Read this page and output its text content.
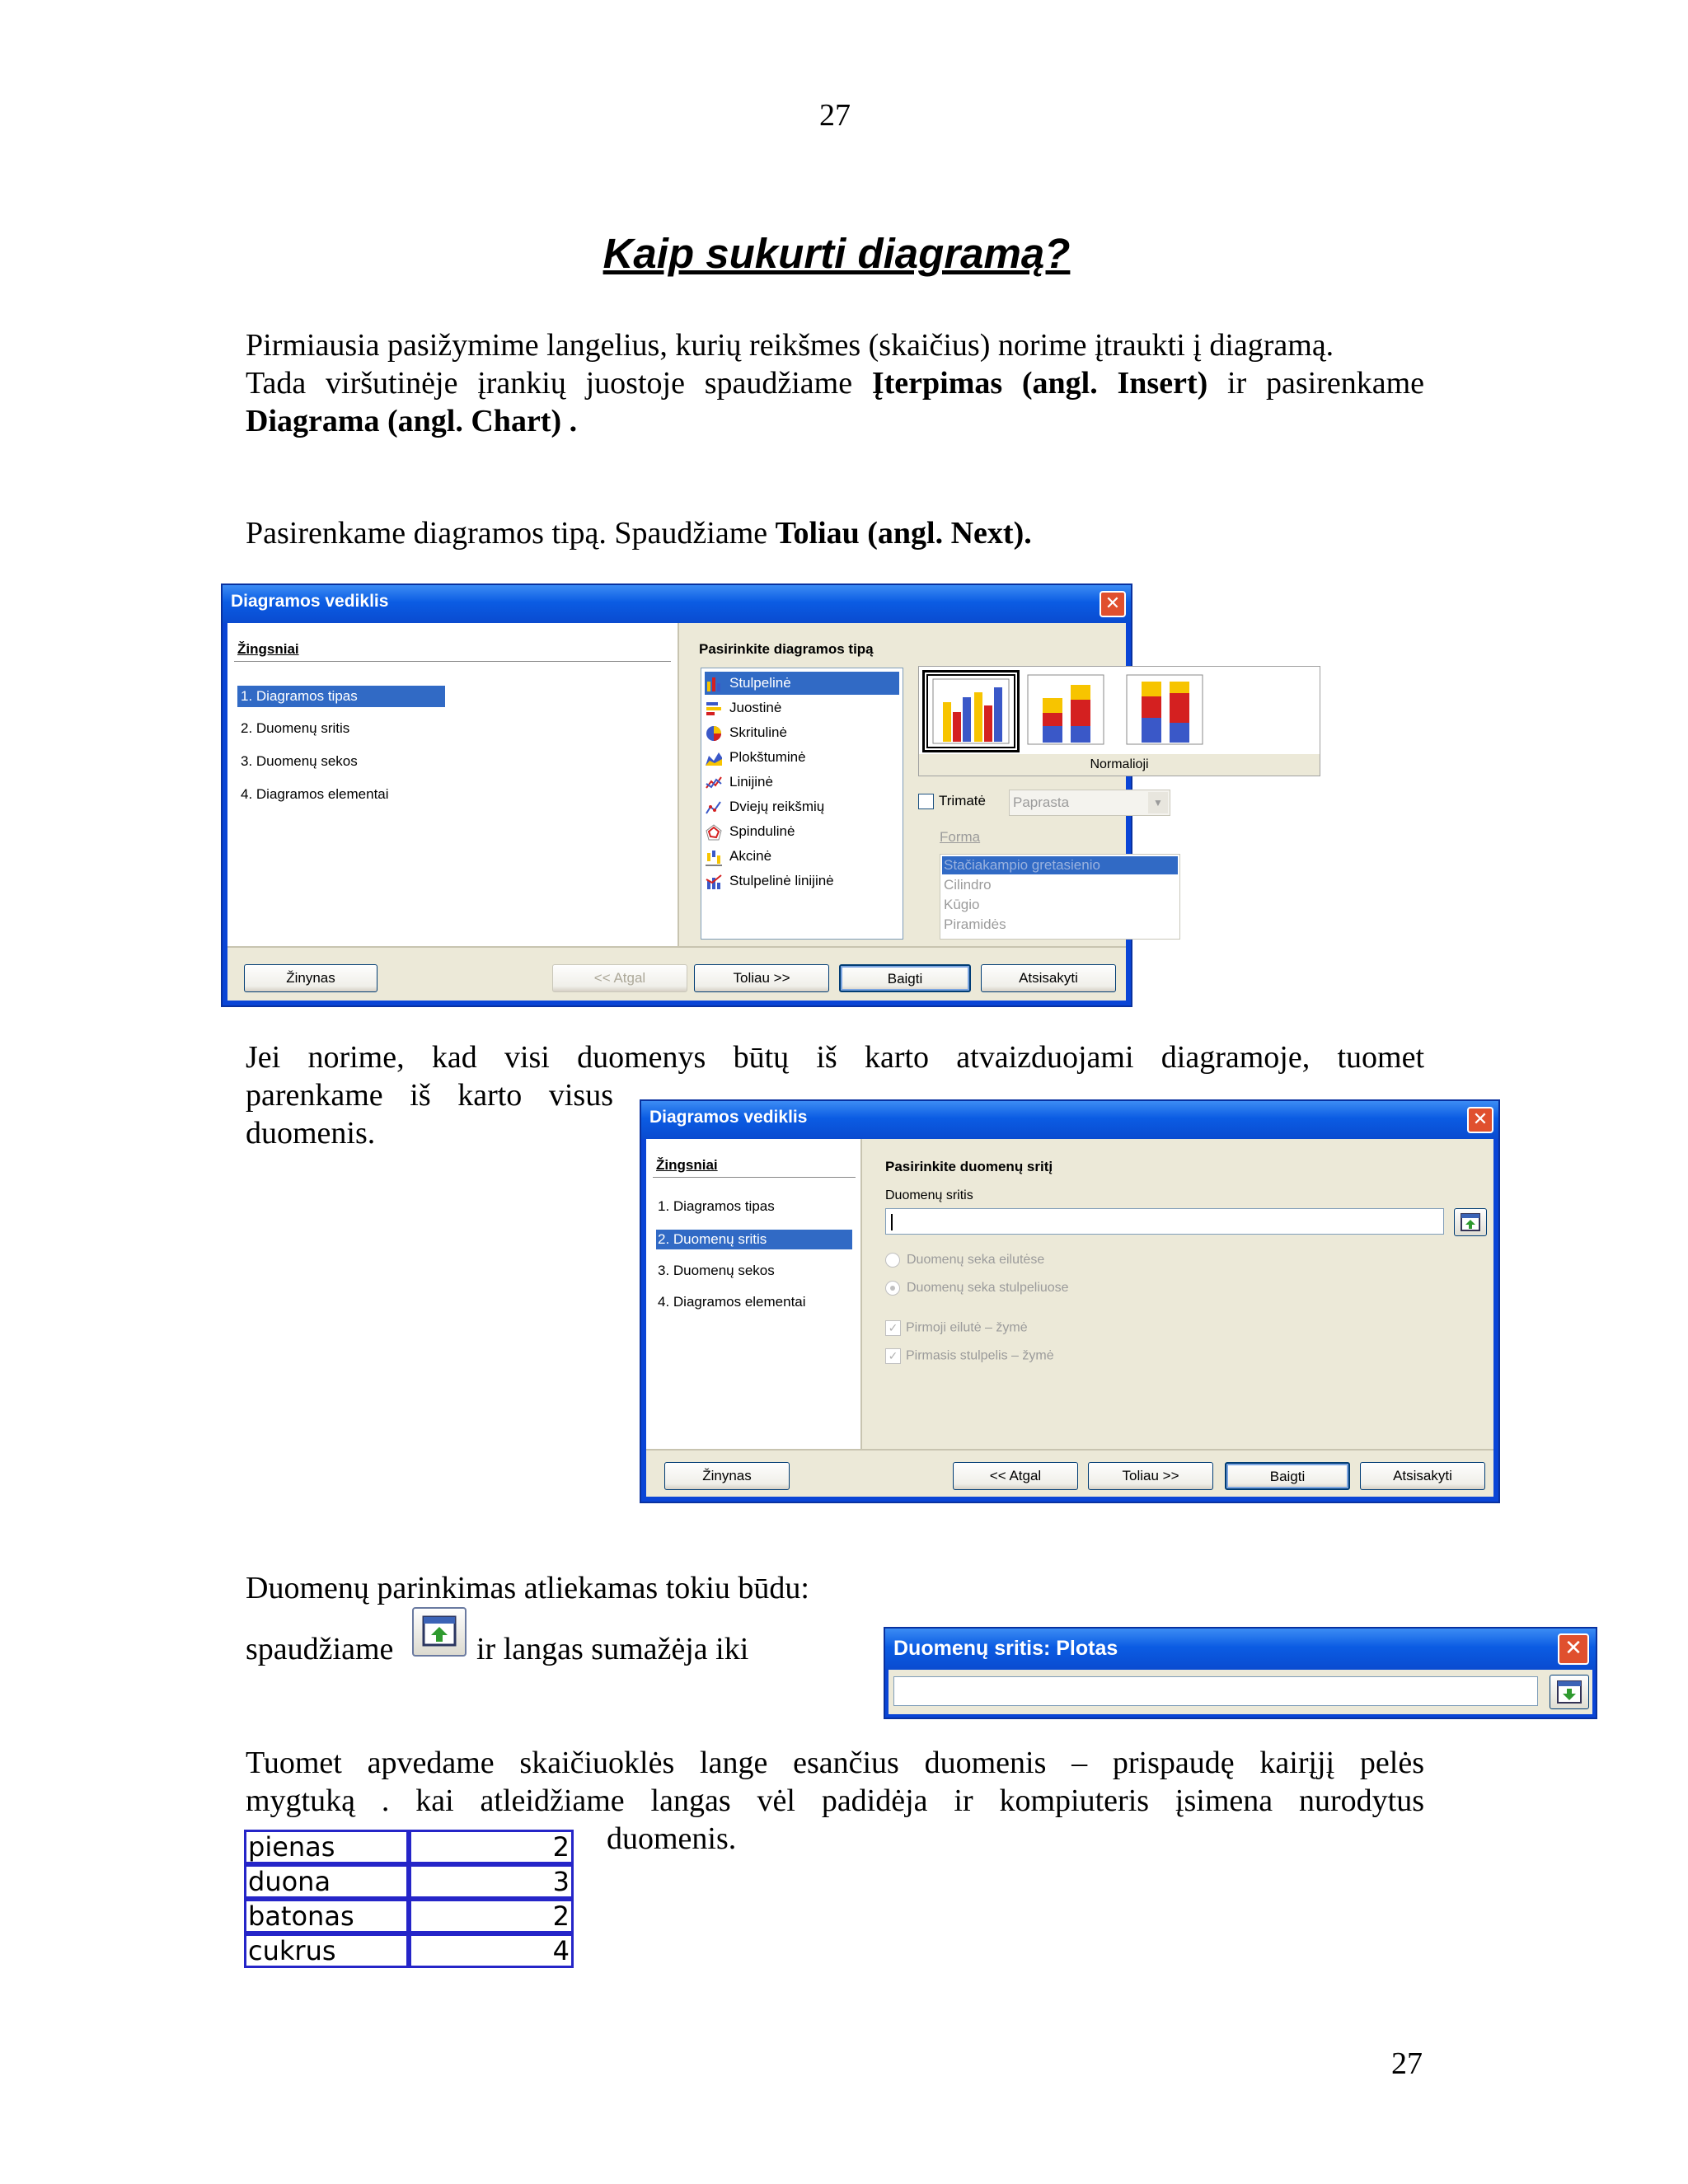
27
Kaip sukurti diagramą?
Pirmiausia pasižymime langelius, kurių reikšmes (skaičius) norime įtraukti į diagramą.
Tada viršutinėje įrankių juostoje spaudžiame Įterpimas (angl. Insert) ir pasirenkame
Diagrama (angl. Chart) .
Pasirenkame diagramos tipą. Spaudžiame Toliau (angl. Next).
Diagramos vediklis	✕
Žingsniai
1. Diagramos tipas
2. Duomenų sritis
3. Duomenų sekos
4. Diagramos elementai
Pasirinkite diagramos tipą
Stulpelinė
Juostinė
Skritulinė
Plokštuminė
Linijinė
Dviejų reikšmių
Spindulinė
Akcinė
Stulpelinė linijinė
Normalioji
Trimatė Paprasta	▼
Forma
Stačiakampio gretasienio
Cilindro
Kūgio
Piramidės
Žinynas	<< Atgal	Toliau >>	Baigti	Atsisakyti
Jei norime, kad visi duomenys būtų iš karto atvaizduojami diagramoje, tuomet
parenkame iš karto visus
duomenis.	Diagramos vediklis	✕
Žingsniai
1. Diagramos tipas
2. Duomenų sritis
3. Duomenų sekos
4. Diagramos elementai
Pasirinkite duomenų sritį
Duomenų sritis
Duomenų seka eilutėse
Duomenų seka stulpeliuose
✓ Pirmoji eilutė – žymė
✓ Pirmasis stulpelis – žymė
Žinynas	<< Atgal	Toliau >>	Baigti	Atsisakyti
Duomenų parinkimas atliekamas tokiu būdu:
spaudžiame	ir langas sumažėja iki	Duomenų sritis: Plotas	✕
Tuomet apvedame skaičiuoklės lange esančius duomenis – prispaudę kairįjį pelės
mygtuką . kai atleidžiame langas vėl padidėja ir kompiuteris įsimena nurodytus
duomenis.
pienas	2
duona	3
batonas	2
cukrus	4
27
